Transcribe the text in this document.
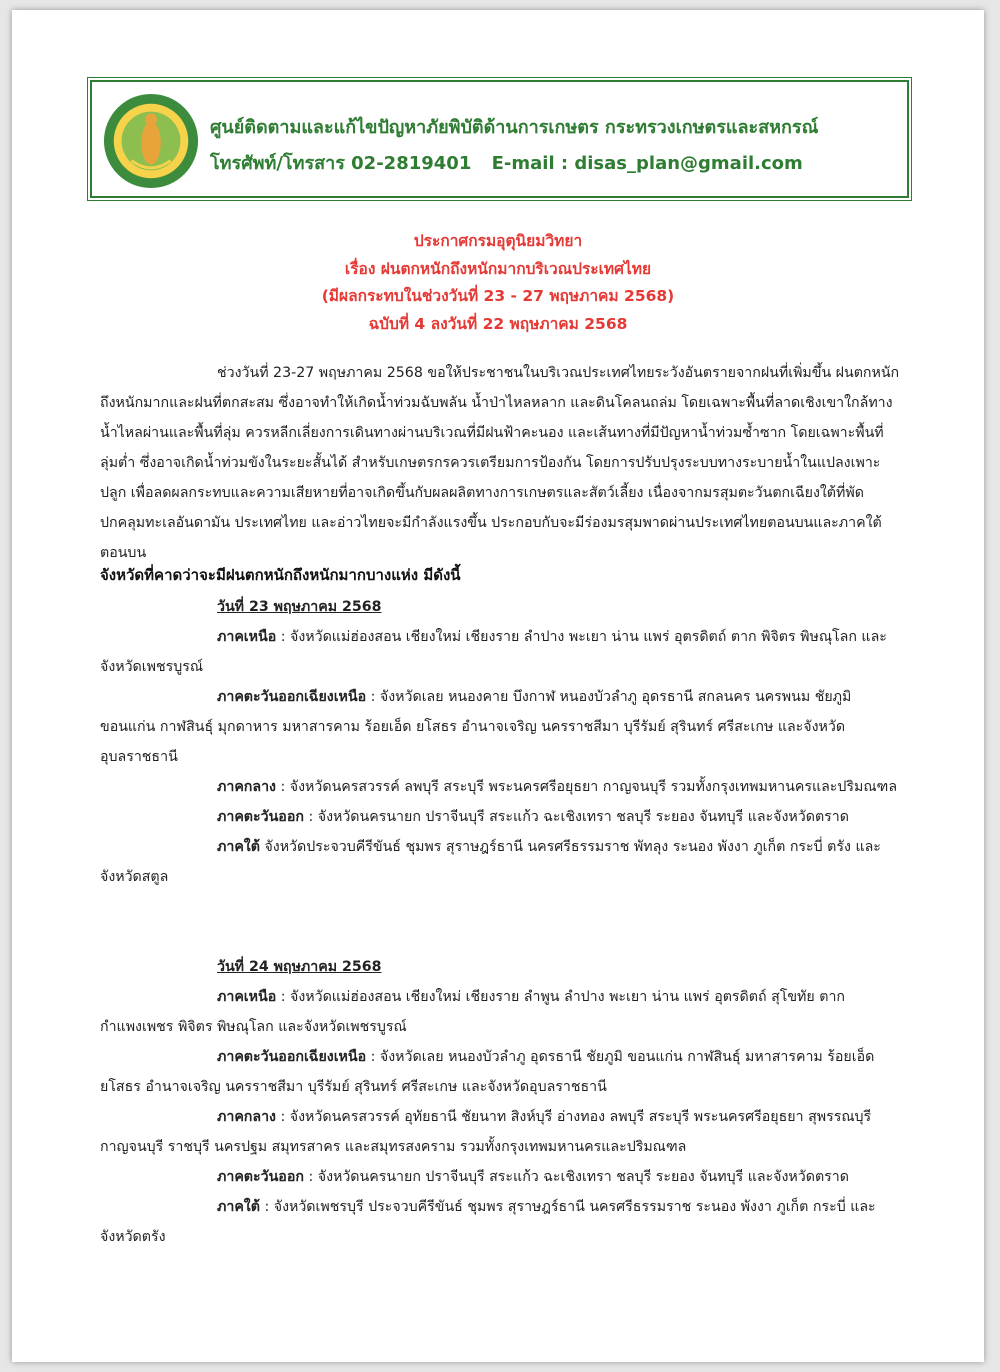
ศูนย์ติดตามและแก้ไขปัญหาภัยพิบัติด้านการเกษตร กระทรวงเกษตรและสหกรณ์
โทรศัพท์/โทรสาร 02-2819401 E-mail : disas_plan@gmail.com
ประกาศกรมอุตุนิยมวิทยา
เรื่อง ฝนตกหนักถึงหนักมากบริเวณประเทศไทย
(มีผลกระทบในช่วงวันที่ 23 - 27 พฤษภาคม 2568)
ฉบับที่ 4 ลงวันที่ 22 พฤษภาคม 2568
ช่วงวันที่ 23-27 พฤษภาคม 2568 ขอให้ประชาชนในบริเวณประเทศไทยระวังอันตรายจากฝนที่เพิ่มขึ้น ฝนตกหนักถึงหนักมากและฝนที่ตกสะสม ซึ่งอาจทำให้เกิดน้ำท่วมฉับพลัน น้ำป่าไหลหลาก และดินโคลนถล่ม โดยเฉพาะพื้นที่ลาดเชิงเขาใกล้ทางน้ำไหลผ่านและพื้นที่ลุ่ม ควรหลีกเลี่ยงการเดินทางผ่านบริเวณที่มีฝนฟ้าคะนอง และเส้นทางที่มีปัญหาน้ำท่วมซ้ำซาก โดยเฉพาะพื้นที่ลุ่มต่ำ ซึ่งอาจเกิดน้ำท่วมขังในระยะสั้นได้ สำหรับเกษตรกรควรเตรียมการป้องกัน โดยการปรับปรุงระบบทางระบายน้ำในแปลงเพาะปลูก เพื่อลดผลกระทบและความเสียหายที่อาจเกิดขึ้นกับผลผลิตทางการเกษตรและสัตว์เลี้ยง เนื่องจากมรสุมตะวันตกเฉียงใต้ที่พัดปกคลุมทะเลอันดามัน ประเทศไทย และอ่าวไทยจะมีกำลังแรงขึ้น ประกอบกับจะมีร่องมรสุมพาดผ่านประเทศไทยตอนบนและภาคใต้ตอนบน
จังหวัดที่คาดว่าจะมีฝนตกหนักถึงหนักมากบางแห่ง มีดังนี้
วันที่ 23 พฤษภาคม 2568
ภาคเหนือ : จังหวัดแม่ฮ่องสอน เชียงใหม่ เชียงราย ลำปาง พะเยา น่าน แพร่ อุตรดิตถ์ ตาก พิจิตร พิษณุโลก และจังหวัดเพชรบูรณ์
ภาคตะวันออกเฉียงเหนือ : จังหวัดเลย หนองคาย บึงกาฬ หนองบัวลำภู อุดรธานี สกลนคร นครพนม ชัยภูมิ ขอนแก่น กาฬสินธุ์ มุกดาหาร มหาสารคาม ร้อยเอ็ด ยโสธร อำนาจเจริญ นครราชสีมา บุรีรัมย์ สุรินทร์ ศรีสะเกษ และจังหวัดอุบลราชธานี
ภาคกลาง : จังหวัดนครสวรรค์ ลพบุรี สระบุรี พระนครศรีอยุธยา กาญจนบุรี รวมทั้งกรุงเทพมหานครและปริมณฑล
ภาคตะวันออก : จังหวัดนครนายก ปราจีนบุรี สระแก้ว ฉะเชิงเทรา ชลบุรี ระยอง จันทบุรี และจังหวัดตราด
ภาคใต้ จังหวัดประจวบคีรีขันธ์ ชุมพร สุราษฎร์ธานี นครศรีธรรมราช พัทลุง ระนอง พังงา ภูเก็ต กระบี่ ตรัง และจังหวัดสตูล
วันที่ 24 พฤษภาคม 2568
ภาคเหนือ : จังหวัดแม่ฮ่องสอน เชียงใหม่ เชียงราย ลำพูน ลำปาง พะเยา น่าน แพร่ อุตรดิตถ์ สุโขทัย ตาก กำแพงเพชร พิจิตร พิษณุโลก และจังหวัดเพชรบูรณ์
ภาคตะวันออกเฉียงเหนือ : จังหวัดเลย หนองบัวลำภู อุดรธานี ชัยภูมิ ขอนแก่น กาฬสินธุ์ มหาสารคาม ร้อยเอ็ด ยโสธร อำนาจเจริญ นครราชสีมา บุรีรัมย์ สุรินทร์ ศรีสะเกษ และจังหวัดอุบลราชธานี
ภาคกลาง : จังหวัดนครสวรรค์ อุทัยธานี ชัยนาท สิงห์บุรี อ่างทอง ลพบุรี สระบุรี พระนครศรีอยุธยา สุพรรณบุรี กาญจนบุรี ราชบุรี นครปฐม สมุทรสาคร และสมุทรสงคราม รวมทั้งกรุงเทพมหานครและปริมณฑล
ภาคตะวันออก : จังหวัดนครนายก ปราจีนบุรี สระแก้ว ฉะเชิงเทรา ชลบุรี ระยอง จันทบุรี และจังหวัดตราด
ภาคใต้ : จังหวัดเพชรบุรี ประจวบคีรีขันธ์ ชุมพร สุราษฎร์ธานี นครศรีธรรมราช ระนอง พังงา ภูเก็ต กระบี่ และจังหวัดตรัง
